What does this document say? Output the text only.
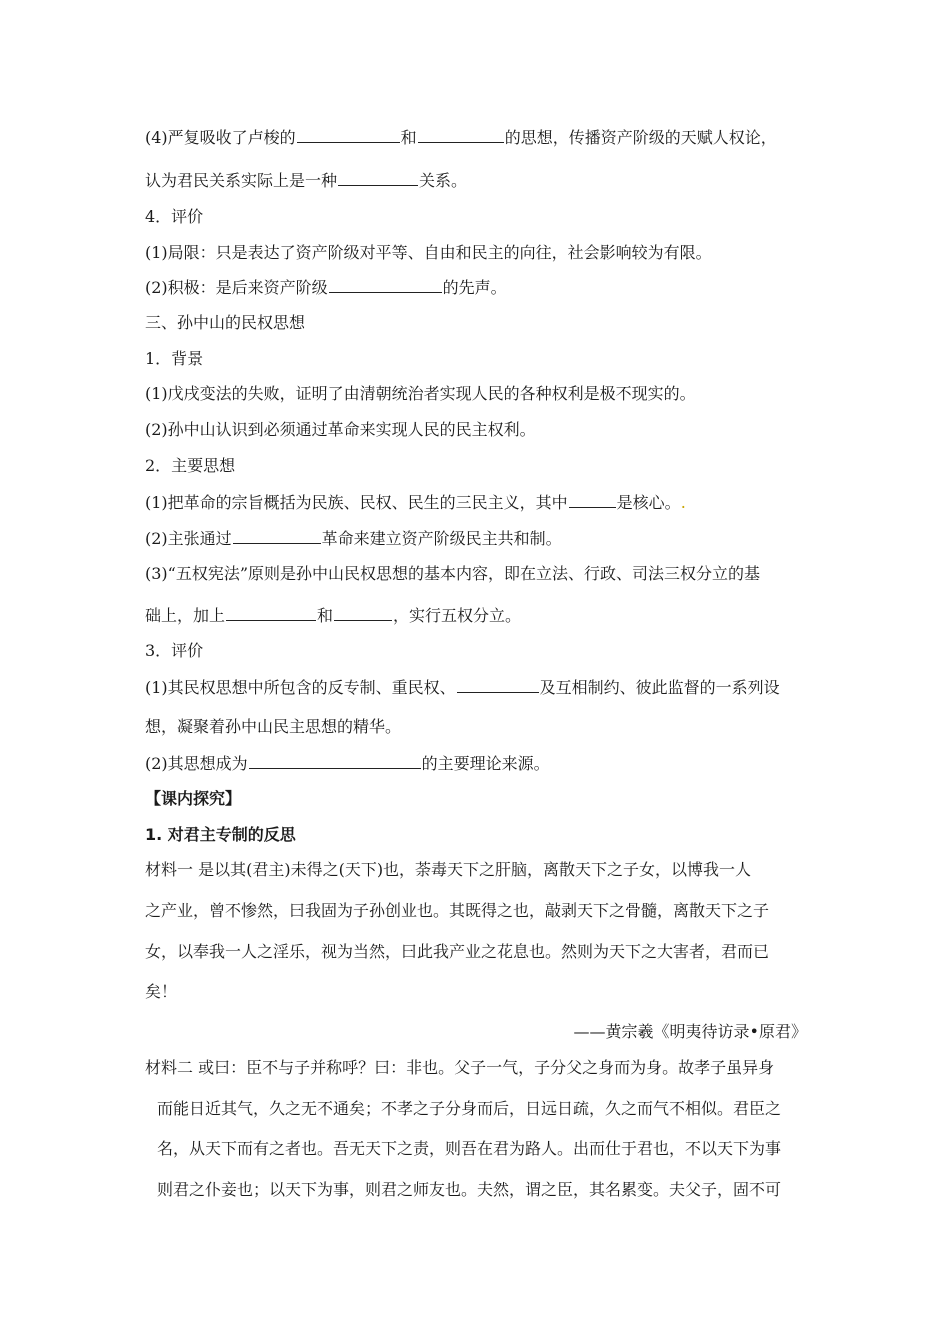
(4)严复吸收了卢梭的	和	的思想，传播资产阶级的天赋人权论，
认为君民关系实际上是一种	关系。
4．评价
(1)局限：只是表达了资产阶级对平等、自由和民主的向往，社会影响较为有限。
(2)积极：是后来资产阶级	的先声。
三、孙中山的民权思想
1．背景
(1)戊戌变法的失败，证明了由清朝统治者实现人民的各种权利是极不现实的。
(2)孙中山认识到必须通过革命来实现人民的民主权利。
2．主要思想
(1)把革命的宗旨概括为民族、民权、民生的三民主义，其中	是核心。.
(2)主张通过	革命来建立资产阶级民主共和制。
(3)“五权宪法”原则是孙中山民权思想的基本内容，即在立法、行政、司法三权分立的基
础上，加上	和	，实行五权分立。
3．评价
(1)其民权思想中所包含的反专制、重民权、	及互相制约、彼此监督的一系列设
想，凝聚着孙中山民主思想的精华。
(2)其思想成为	的主要理论来源。
【课内探究】
1. 对君主专制的反思
材料一 是以其(君主)未得之(天下)也，荼毒天下之肝脑，离散天下之子女，以博我一人
之产业，曾不惨然，曰我固为子孙创业也。其既得之也，敲剥天下之骨髓，离散天下之子
女，以奉我一人之淫乐，视为当然，曰此我产业之花息也。然则为天下之大害者，君而已
矣！
——黄宗羲《明夷待访录•原君》
材料二 或曰：臣不与子并称呼？曰：非也。父子一气，子分父之身而为身。故孝子虽异身
而能日近其气，久之无不通矣；不孝之子分身而后，日远日疏，久之而气不相似。君臣之
名，从天下而有之者也。吾无天下之责，则吾在君为路人。出而仕于君也，不以天下为事
则君之仆妾也；以天下为事，则君之师友也。夫然，谓之臣，其名累变。夫父子，固不可
